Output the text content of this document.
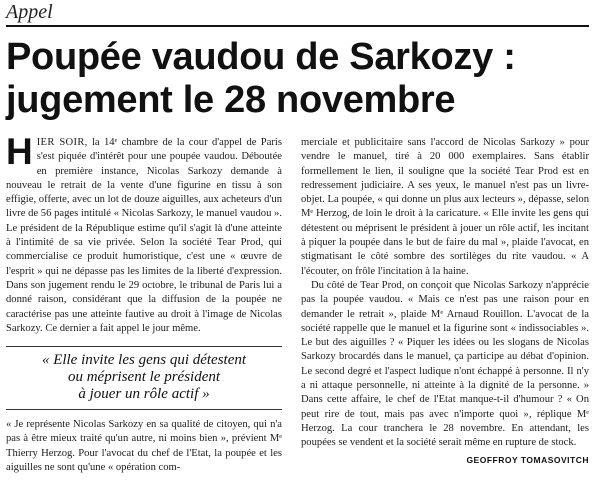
Appel
Poupée vaudou de Sarkozy :
jugement le 28 novembre

HIER SOIR, la 14ᵉ chambre de la cour d'appel de Paris s'est piquée d'intérêt pour une poupée vaudou. Déboutée en première instance, Nicolas Sarkozy demande à nouveau le retrait de la vente d'une figurine en tissu à son effigie, offerte, avec un lot de douze aiguilles, aux acheteurs d'un livre de 56 pages intitulé « Nicolas Sarkozy, le manuel vaudou ». Le président de la République estime qu'il s'agit là d'une atteinte à l'intimité de sa vie privée. Selon la société Tear Prod, qui commercialise ce produit humoristique, c'est une « œuvre de l'esprit » qui ne dépasse pas les limites de la liberté d'expression. Dans son jugement rendu le 29 octobre, le tribunal de Paris lui a donné raison, considérant que la diffusion de la poupée ne caractérise pas une atteinte fautive au droit à l'image de Nicolas Sarkozy. Ce dernier a fait appel le jour même.

« Elle invite les gens qui détestent
ou méprisent le président
à jouer un rôle actif »

« Je représente Nicolas Sarkozy en sa qualité de citoyen, qui n'a pas à être mieux traité qu'un autre, ni moins bien », prévient Mᵉ Thierry Herzog. Pour l'avocat du chef de l'Etat, la poupée et les aiguilles ne sont qu'une « opération com-

merciale et publicitaire sans l'accord de Nicolas Sarkozy » pour vendre le manuel, tiré à 20 000 exemplaires. Sans établir formellement le lien, il souligne que la société Tear Prod est en redressement judiciaire. A ses yeux, le manuel n'est pas un livre-objet. La poupée, « qui donne un plus aux lecteurs », dépasse, selon Mᵉ Herzog, de loin le droit à la caricature. « Elle invite les gens qui détestent ou méprisent le président à jouer un rôle actif, les incitant à piquer la poupée dans le but de faire du mal », plaide l'avocat, en stigmatisant le côté sombre des sortilèges du rite vaudou. « A l'écouter, on frôle l'incitation à la haine.

Du côté de Tear Prod, on conçoit que Nicolas Sarkozy n'apprécie pas la poupée vaudou. « Mais ce n'est pas une raison pour en demander le retrait », plaide Mᵉ Arnaud Rouillon. L'avocat de la société rappelle que le manuel et la figurine sont « indissociables ». Le but des aiguilles ? « Piquer les idées ou les slogans de Nicolas Sarkozy brocardés dans le manuel, ça participe au débat d'opinion. Le second degré et l'aspect ludique n'ont échappé à personne. Il n'y a ni attaque personnelle, ni atteinte à la dignité de la personne. » Dans cette affaire, le chef de l'Etat manque-t-il d'humour ? « On peut rire de tout, mais pas avec n'importe quoi », réplique Mᵉ Herzog. La cour tranchera le 28 novembre. En attendant, les poupées se vendent et la société serait même en rupture de stock.

GEOFFROY TOMASOVITCH
